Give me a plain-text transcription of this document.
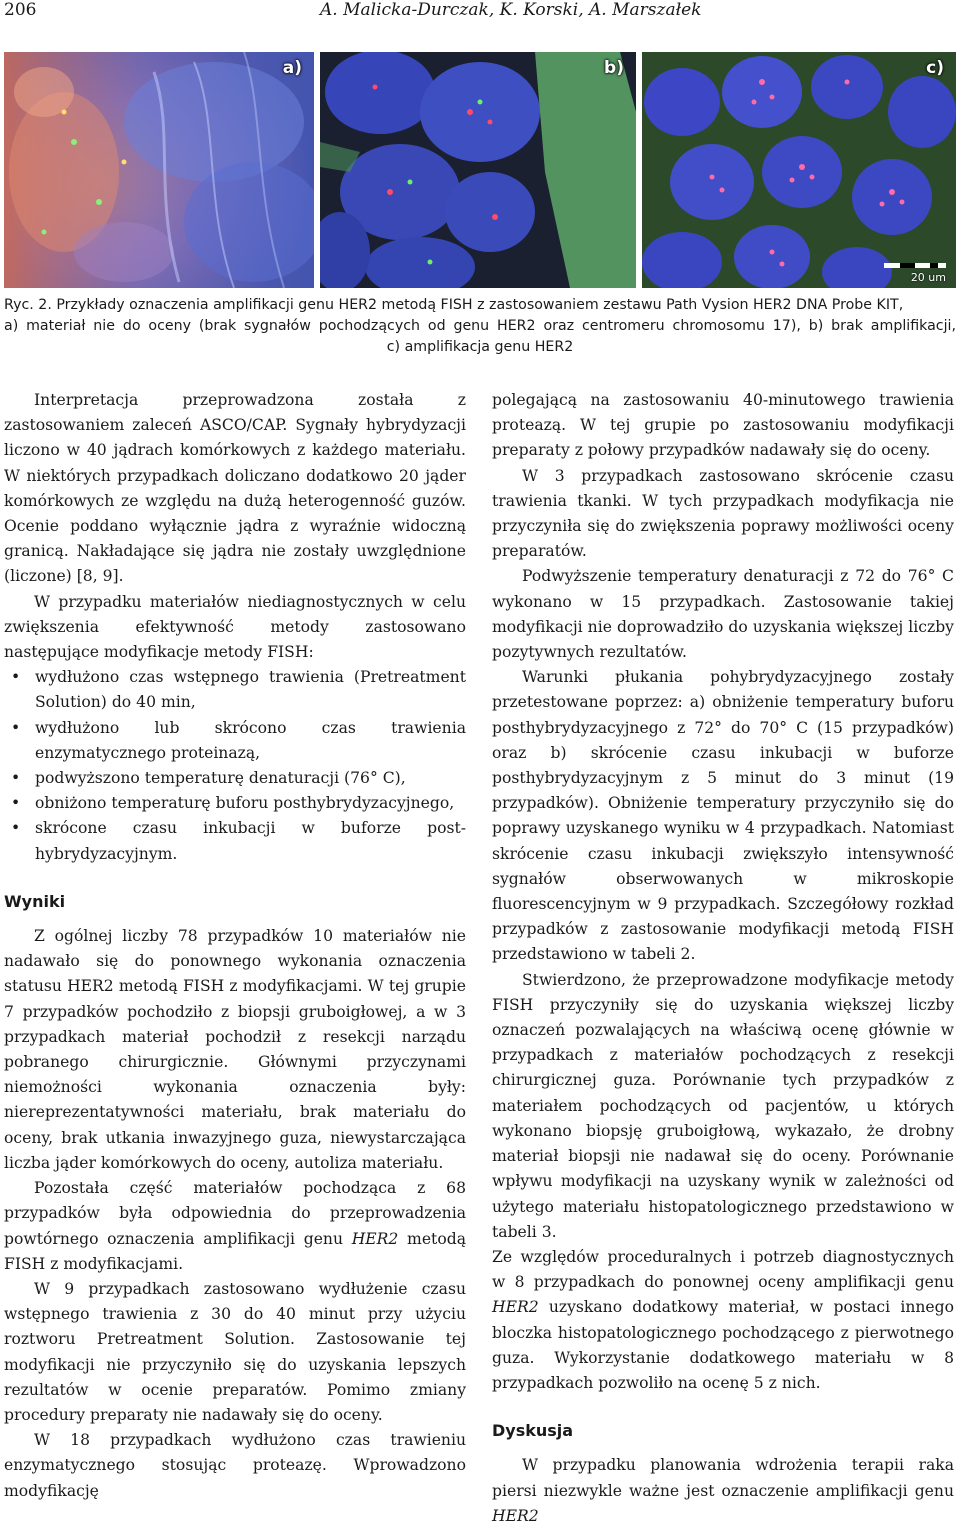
206	A. Malicka-Durczak, K. Korski, A. Marszałek
a)	b)	c)
20 um
Ryc. 2. Przykłady oznaczenia amplifikacji genu HER2 metodą FISH z zastosowaniem zestawu Path Vysion HER2 DNA Probe KIT,
a) materiał nie do oceny (brak sygnałów pochodzących od genu HER2 oraz centromeru chromosomu 17), b) brak amplifikacji,
c) amplifikacja genu HER2

Interpretacja przeprowadzona została z zastosowaniem zaleceń ASCO/CAP. Sygnały hybrydyzacji liczono w 40 jądrach komórkowych z każdego materiału. W niektórych przypadkach doliczano dodatkowo 20 jąder komórkowych ze względu na dużą heterogenność guzów. Ocenie poddano wyłącznie jądra z wyraźnie widoczną granicą. Nakładające się jądra nie zostały uwzględnione (liczone) [8, 9].

W przypadku materiałów niediagnostycznych w celu zwiększenia efektywność metody zastosowano następujące modyfikacje metody FISH:

• wydłużono czas wstępnego trawienia (Pretreatment Solution) do 40 min,
• wydłużono lub skrócono czas trawienia enzymatycznego proteinazą,
• podwyższono temperaturę denaturacji (76° C),
• obniżono temperaturę buforu posthybrydyzacyjnego,
• skrócone czasu inkubacji w buforze post-hybrydyzacyjnym.
Wyniki

Z ogólnej liczby 78 przypadków 10 materiałów nie nadawało się do ponownego wykonania oznaczenia statusu HER2 metodą FISH z modyfikacjami. W tej grupie 7 przypadków pochodziło z biopsji gruboigłowej, a w 3 przypadkach materiał pochodził z resekcji narządu pobranego chirurgicznie. Głównymi przyczynami niemożności wykonania oznaczenia były: niereprezentatywności materiału, brak materiału do oceny, brak utkania inwazyjnego guza, niewystarczająca liczba jąder komórkowych do oceny, autoliza materiału.

Pozostała część materiałów pochodząca z 68 przypadków była odpowiednia do przeprowadzenia powtórnego oznaczenia amplifikacji genu HER2 metodą FISH z modyfikacjami.

W 9 przypadkach zastosowano wydłużenie czasu wstępnego trawienia z 30 do 40 minut przy użyciu roztworu Pretreatment Solution. Zastosowanie tej modyfikacji nie przyczyniło się do uzyskania lepszych rezultatów w ocenie preparatów. Pomimo zmiany procedury preparaty nie nadawały się do oceny.

W 18 przypadkach wydłużono czas trawieniu enzymatycznego stosując proteazę. Wprowadzono modyfikację

polegającą na zastosowaniu 40-minutowego trawienia proteazą. W tej grupie po zastosowaniu modyfikacji preparaty z połowy przypadków nadawały się do oceny.

W 3 przypadkach zastosowano skrócenie czasu trawienia tkanki. W tych przypadkach modyfikacja nie przyczyniła się do zwiększenia poprawy możliwości oceny preparatów.

Podwyższenie temperatury denaturacji z 72 do 76° C wykonano w 15 przypadkach. Zastosowanie takiej modyfikacji nie doprowadziło do uzyskania większej liczby pozytywnych rezultatów.

Warunki płukania pohybrydyzacyjnego zostały przetestowane poprzez: a) obniżenie temperatury buforu posthybrydyzacyjnego z 72° do 70° C (15 przypadków) oraz b) skrócenie czasu inkubacji w buforze posthybrydyzacyjnym z 5 minut do 3 minut (19 przypadków). Obniżenie temperatury przyczyniło się do poprawy uzyskanego wyniku w 4 przypadkach. Natomiast skrócenie czasu inkubacji zwiększyło intensywność sygnałów obserwowanych w mikroskopie fluorescencyjnym w 9 przypadkach. Szczegółowy rozkład przypadków z zastosowanie modyfikacji metodą FISH przedstawiono w tabeli 2.

Stwierdzono, że przeprowadzone modyfikacje metody FISH przyczyniły się do uzyskania większej liczby oznaczeń pozwalających na właściwą ocenę głównie w przypadkach z materiałów pochodzących z resekcji chirurgicznej guza. Porównanie tych przypadków z materiałem pochodzących od pacjentów, u których wykonano biopsję gruboigłową, wykazało, że drobny materiał biopsji nie nadawał się do oceny. Porównanie wpływu modyfikacji na uzyskany wynik w zależności od użytego materiału histopatologicznego przedstawiono w tabeli 3.

Ze względów proceduralnych i potrzeb diagnostycznych w 8 przypadkach do ponownej oceny amplifikacji genu HER2 uzyskano dodatkowy materiał, w postaci innego bloczka histopatologicznego pochodzącego z pierwotnego guza. Wykorzystanie dodatkowego materiału w 8 przypadkach pozwoliło na ocenę 5 z nich.

Dyskusja

W przypadku planowania wdrożenia terapii raka piersi niezwykle ważne jest oznaczenie amplifikacji genu HER2
